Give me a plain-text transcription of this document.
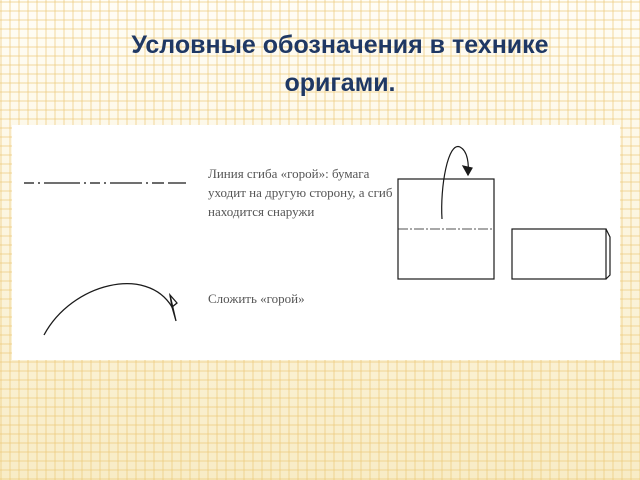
Условные обозначения в технике
оригами.
Линия сгиба «горой»: бумага уходит на другую сторону, а сгиб находится снаружи
Сложить «горой»
